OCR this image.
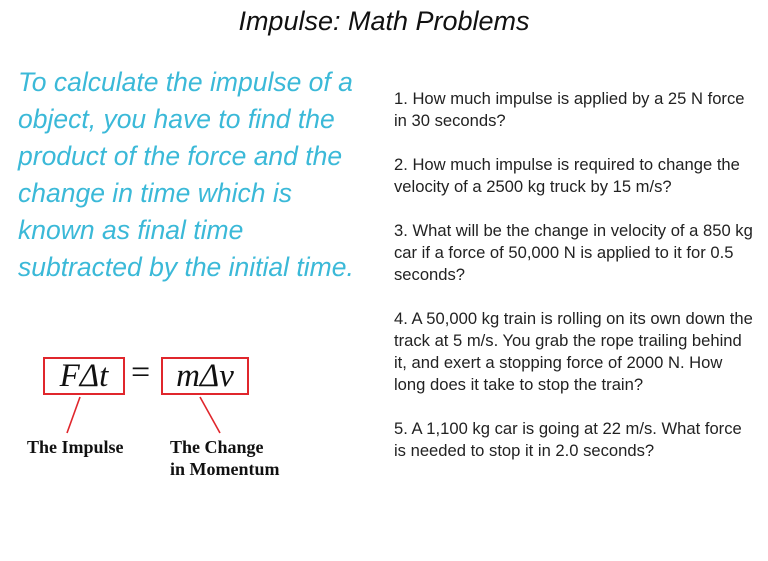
Impulse: Math Problems
To calculate the impulse of a object, you have to find the product of the force and the change in time which is known as final time subtracted by the initial time.
FΔt = mΔv
The Impulse	The Change
in Momentum

1. How much impulse is applied by a 25 N force in 30 seconds?

2. How much impulse is required to change the velocity of a 2500 kg truck by 15 m/s?

3. What will be the change in velocity of a 850 kg car if a force of 50,000 N is applied to it for 0.5 seconds?

4. A 50,000 kg train is rolling on its own down the track at 5 m/s. You grab the rope trailing behind it, and exert a stopping force of 2000 N. How long does it take to stop the train?

5. A 1,100 kg car is going at 22 m/s. What force is needed to stop it in 2.0 seconds?
